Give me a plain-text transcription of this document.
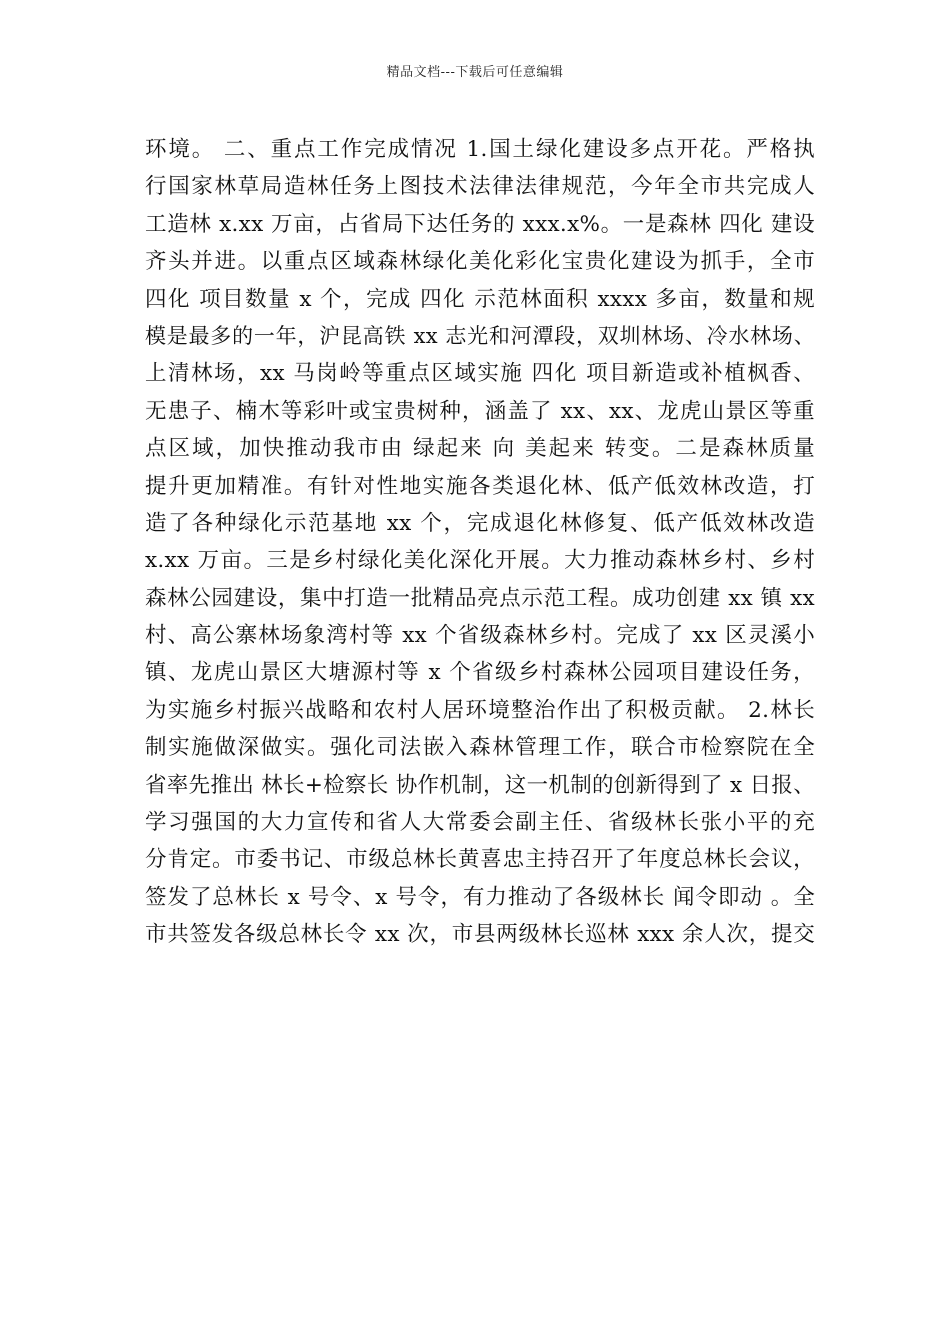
精品文档---下载后可任意编辑
环境。 二、重点工作完成情况 1.国土绿化建设多点开花。严格执
行国家林草局造林任务上图技术法律法律规范，今年全市共完成人
工造林 x.xx 万亩，占省局下达任务的 xxx.x%。一是森林 四化 建设
齐头并进。以重点区域森林绿化美化彩化宝贵化建设为抓手，全市
四化 项目数量 x 个，完成 四化 示范林面积 xxxx 多亩，数量和规
模是最多的一年，沪昆高铁 xx 志光和河潭段，双圳林场、冷水林场、
上清林场，xx 马岗岭等重点区域实施 四化 项目新造或补植枫香、
无患子、楠木等彩叶或宝贵树种，涵盖了 xx、xx、龙虎山景区等重
点区域，加快推动我市由 绿起来 向 美起来 转变。二是森林质量
提升更加精准。有针对性地实施各类退化林、低产低效林改造，打
造了各种绿化示范基地 xx 个，完成退化林修复、低产低效林改造
x.xx 万亩。三是乡村绿化美化深化开展。大力推动森林乡村、乡村
森林公园建设，集中打造一批精品亮点示范工程。成功创建 xx 镇 xx
村、高公寨林场象湾村等 xx 个省级森林乡村。完成了 xx 区灵溪小
镇、龙虎山景区大塘源村等 x 个省级乡村森林公园项目建设任务，
为实施乡村振兴战略和农村人居环境整治作出了积极贡献。 2.林长
制实施做深做实。强化司法嵌入森林管理工作，联合市检察院在全
省率先推出 林长+检察长 协作机制，这一机制的创新得到了 x 日报、
学习强国的大力宣传和省人大常委会副主任、省级林长张小平的充
分肯定。市委书记、市级总林长黄喜忠主持召开了年度总林长会议，
签发了总林长 x 号令、x 号令，有力推动了各级林长 闻令即动 。全
市共签发各级总林长令 xx 次，市县两级林长巡林 xxx 余人次，提交
